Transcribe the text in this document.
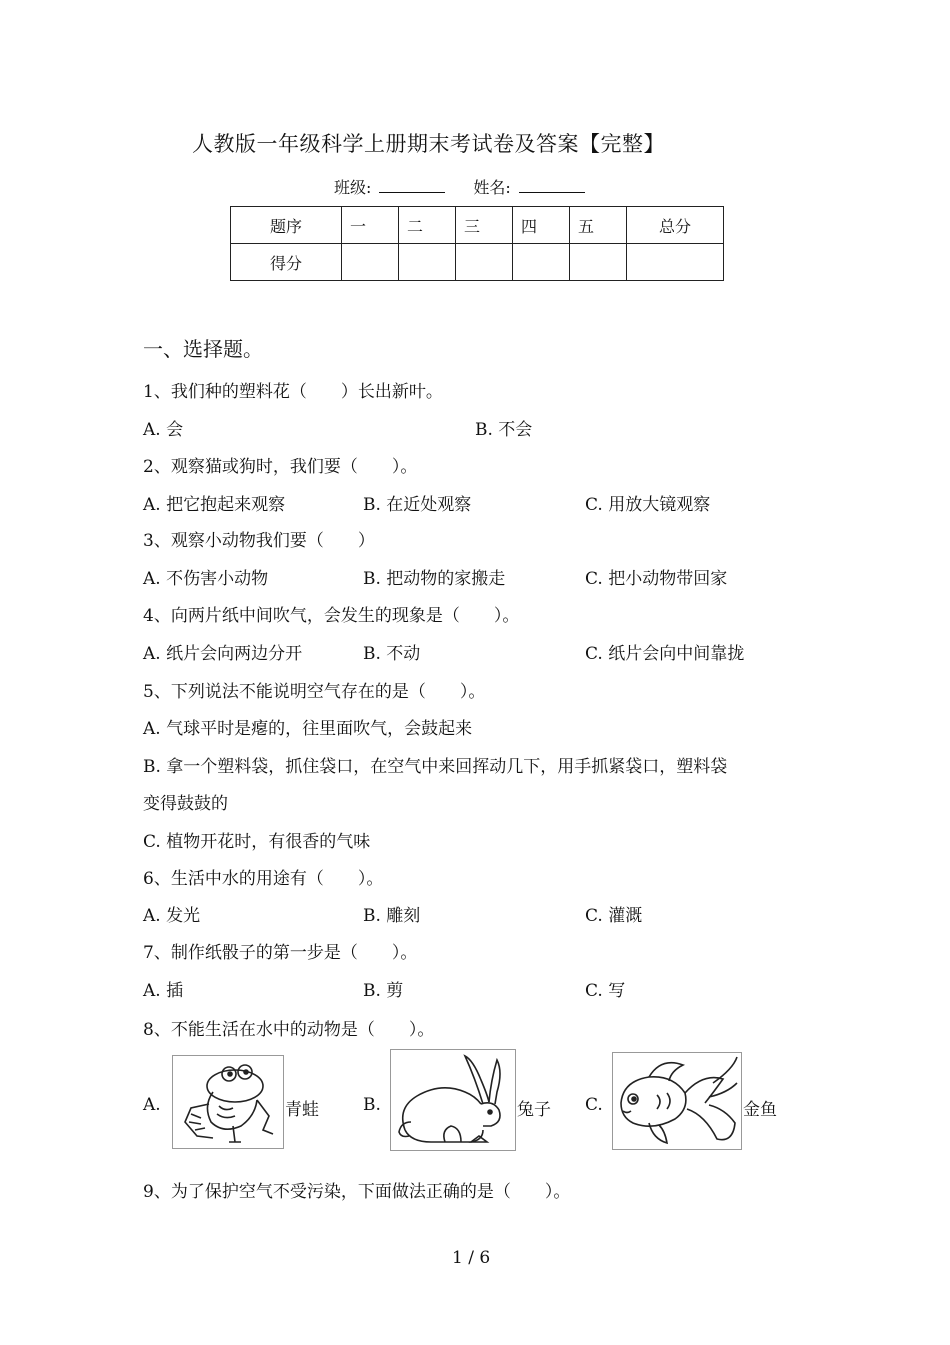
人教版一年级科学上册期末考试卷及答案【完整】
班级:	姓名:
题序	一	二	三	四	五	总分
得分						
一、选择题。
1、我们种的塑料花（　　）长出新叶。
A. 会	B. 不会
2、观察猫或狗时，我们要（　　）。
A. 把它抱起来观察	B. 在近处观察	C. 用放大镜观察
3、观察小动物我们要（　　）
A. 不伤害小动物	B. 把动物的家搬走	C. 把小动物带回家
4、向两片纸中间吹气，会发生的现象是（　　）。
A. 纸片会向两边分开	B. 不动	C. 纸片会向中间靠拢
5、下列说法不能说明空气存在的是（　　）。
A. 气球平时是瘪的，往里面吹气，会鼓起来
B. 拿一个塑料袋，抓住袋口，在空气中来回挥动几下，用手抓紧袋口，塑料袋
变得鼓鼓的
C. 植物开花时，有很香的气味
6、生活中水的用途有（　　）。
A. 发光	B. 雕刻	C. 灌溉
7、制作纸骰子的第一步是（　　）。
A. 插	B. 剪	C. 写
8、不能生活在水中的动物是（　　）。
A.	青蛙	B.	兔子 C.	金鱼
9、为了保护空气不受污染，下面做法正确的是（　　）。
1 / 6
